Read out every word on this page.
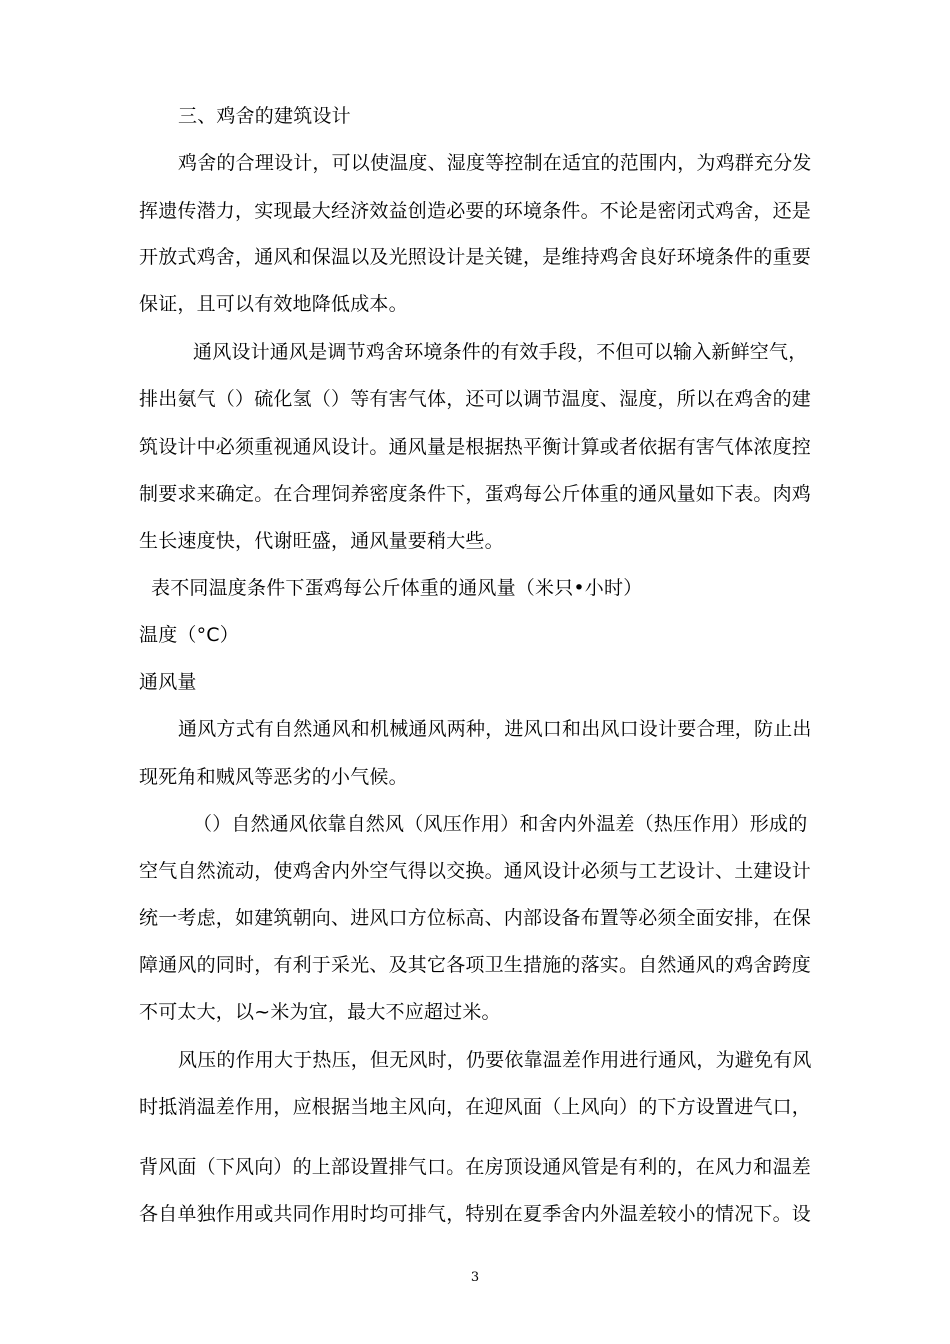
三、鸡舍的建筑设计
鸡舍的合理设计，可以使温度、湿度等控制在适宜的范围内，为鸡群充分发
挥遗传潜力，实现最大经济效益创造必要的环境条件。不论是密闭式鸡舍，还是
开放式鸡舍，通风和保温以及光照设计是关键，是维持鸡舍良好环境条件的重要
保证，且可以有效地降低成本。
通风设计通风是调节鸡舍环境条件的有效手段，不但可以输入新鲜空气，
排出氨气（）硫化氢（）等有害气体，还可以调节温度、湿度，所以在鸡舍的建
筑设计中必须重视通风设计。通风量是根据热平衡计算或者依据有害气体浓度控
制要求来确定。在合理饲养密度条件下，蛋鸡每公斤体重的通风量如下表。肉鸡
生长速度快，代谢旺盛，通风量要稍大些。
表不同温度条件下蛋鸡每公斤体重的通风量（米只•小时）
温度（°C）
通风量
通风方式有自然通风和机械通风两种，进风口和出风口设计要合理，防止出
现死角和贼风等恶劣的小气候。
（）自然通风依靠自然风（风压作用）和舍内外温差（热压作用）形成的
空气自然流动，使鸡舍内外空气得以交换。通风设计必须与工艺设计、土建设计
统一考虑，如建筑朝向、进风口方位标高、内部设备布置等必须全面安排，在保
障通风的同时，有利于采光、及其它各项卫生措施的落实。自然通风的鸡舍跨度
不可太大，以~米为宜，最大不应超过米。
风压的作用大于热压，但无风时，仍要依靠温差作用进行通风，为避免有风
时抵消温差作用，应根据当地主风向，在迎风面（上风向）的下方设置进气口，
背风面（下风向）的上部设置排气口。在房顶设通风管是有利的，在风力和温差
各自单独作用或共同作用时均可排气，特别在夏季舍内外温差较小的情况下。设
3
